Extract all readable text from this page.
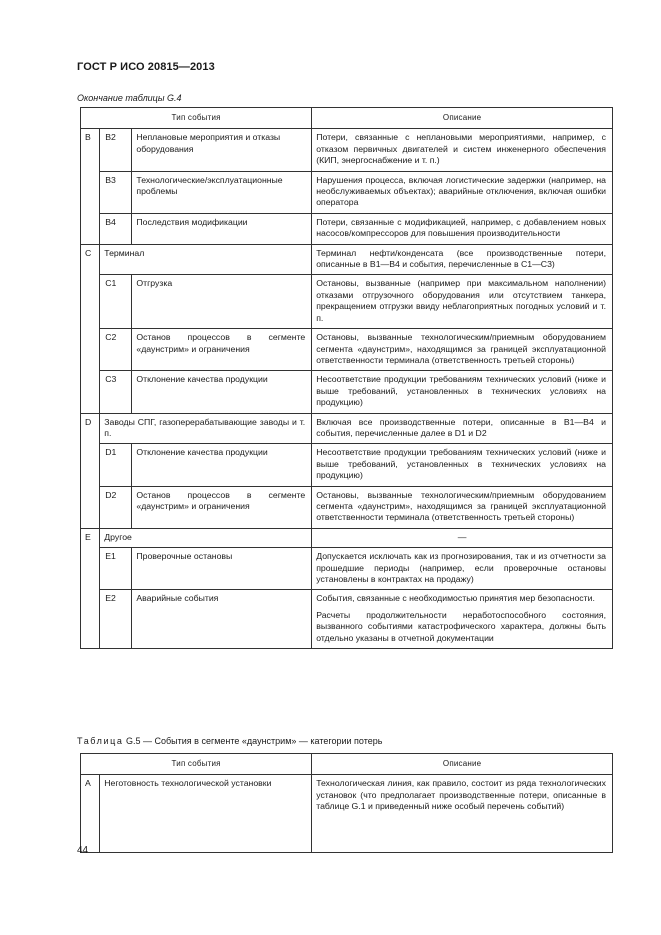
ГОСТ Р ИСО 20815—2013
Окончание таблицы G.4
Тип события			Описание
B	B2	Неплановые мероприятия и отказы оборудования	Потери, связанные с неплановыми мероприятиями, например, с отказом первичных двигателей и систем инженерного обеспечения (КИП, энергоснабжение и т. п.)
	B3	Технологические/эксплуатационные проблемы	Нарушения процесса, включая логистические задержки (например, на необслуживаемых объектах); аварийные отключения, включая ошибки оператора
	B4	Последствия модификации	Потери, связанные с модификацией, например, с добавлением новых насосов/компрессоров для повышения производительности
C	Терминал		Терминал нефти/конденсата (все производственные потери, описанные в B1—B4 и события, перечисленные в C1—C3)
	C1	Отгрузка	Остановы, вызванные (например при максимальном наполнении) отказами отгрузочного оборудования или отсутствием танкера, прекращением отгрузки ввиду неблагоприятных погодных условий и т. п.
	C2	Останов процессов в сегменте «даунстрим» и ограничения	Остановы, вызванные технологическим/приемным оборудованием сегмента «даунстрим», находящимся за границей эксплуатационной ответственности терминала (ответственность третьей стороны)
	C3	Отклонение качества продукции	Несоответствие продукции требованиям технических условий (ниже и выше требований, установленных в технических условиях на продукцию)
D	Заводы СПГ, газоперерабатывающие заводы и т. п.		Включая все производственные потери, описанные в B1—B4 и события, перечисленные далее в D1 и D2
	D1	Отклонение качества продукции	Несоответствие продукции требованиям технических условий (ниже и выше требований, установленных в технических условиях на продукцию)
	D2	Останов процессов в сегменте «даунстрим» и ограничения	Остановы, вызванные технологическим/приемным оборудованием сегмента «даунстрим», находящимся за границей эксплуатационной ответственности терминала (ответственность третьей стороны)
E	Другое		—
	E1	Проверочные остановы	Допускается исключать как из прогнозирования, так и из отчетности за прошедшие периоды (например, если проверочные остановы установлены в контрактах на продажу)
	E2	Аварийные события	События, связанные с необходимостью принятия мер безопасности.

Расчеты продолжительности неработоспособного состояния, вызванного событиями катастрофического характера, должны быть отдельно указаны в отчетной документации

Таблица G.5 — События в сегменте «даунстрим» — категории потерь
Тип события		Описание
A	Неготовность технологической установки	Технологическая линия, как правило, состоит из ряда технологических установок (что предполагает производственные потери, описанные в таблице G.1 и приведенный ниже особый перечень событий)
44
